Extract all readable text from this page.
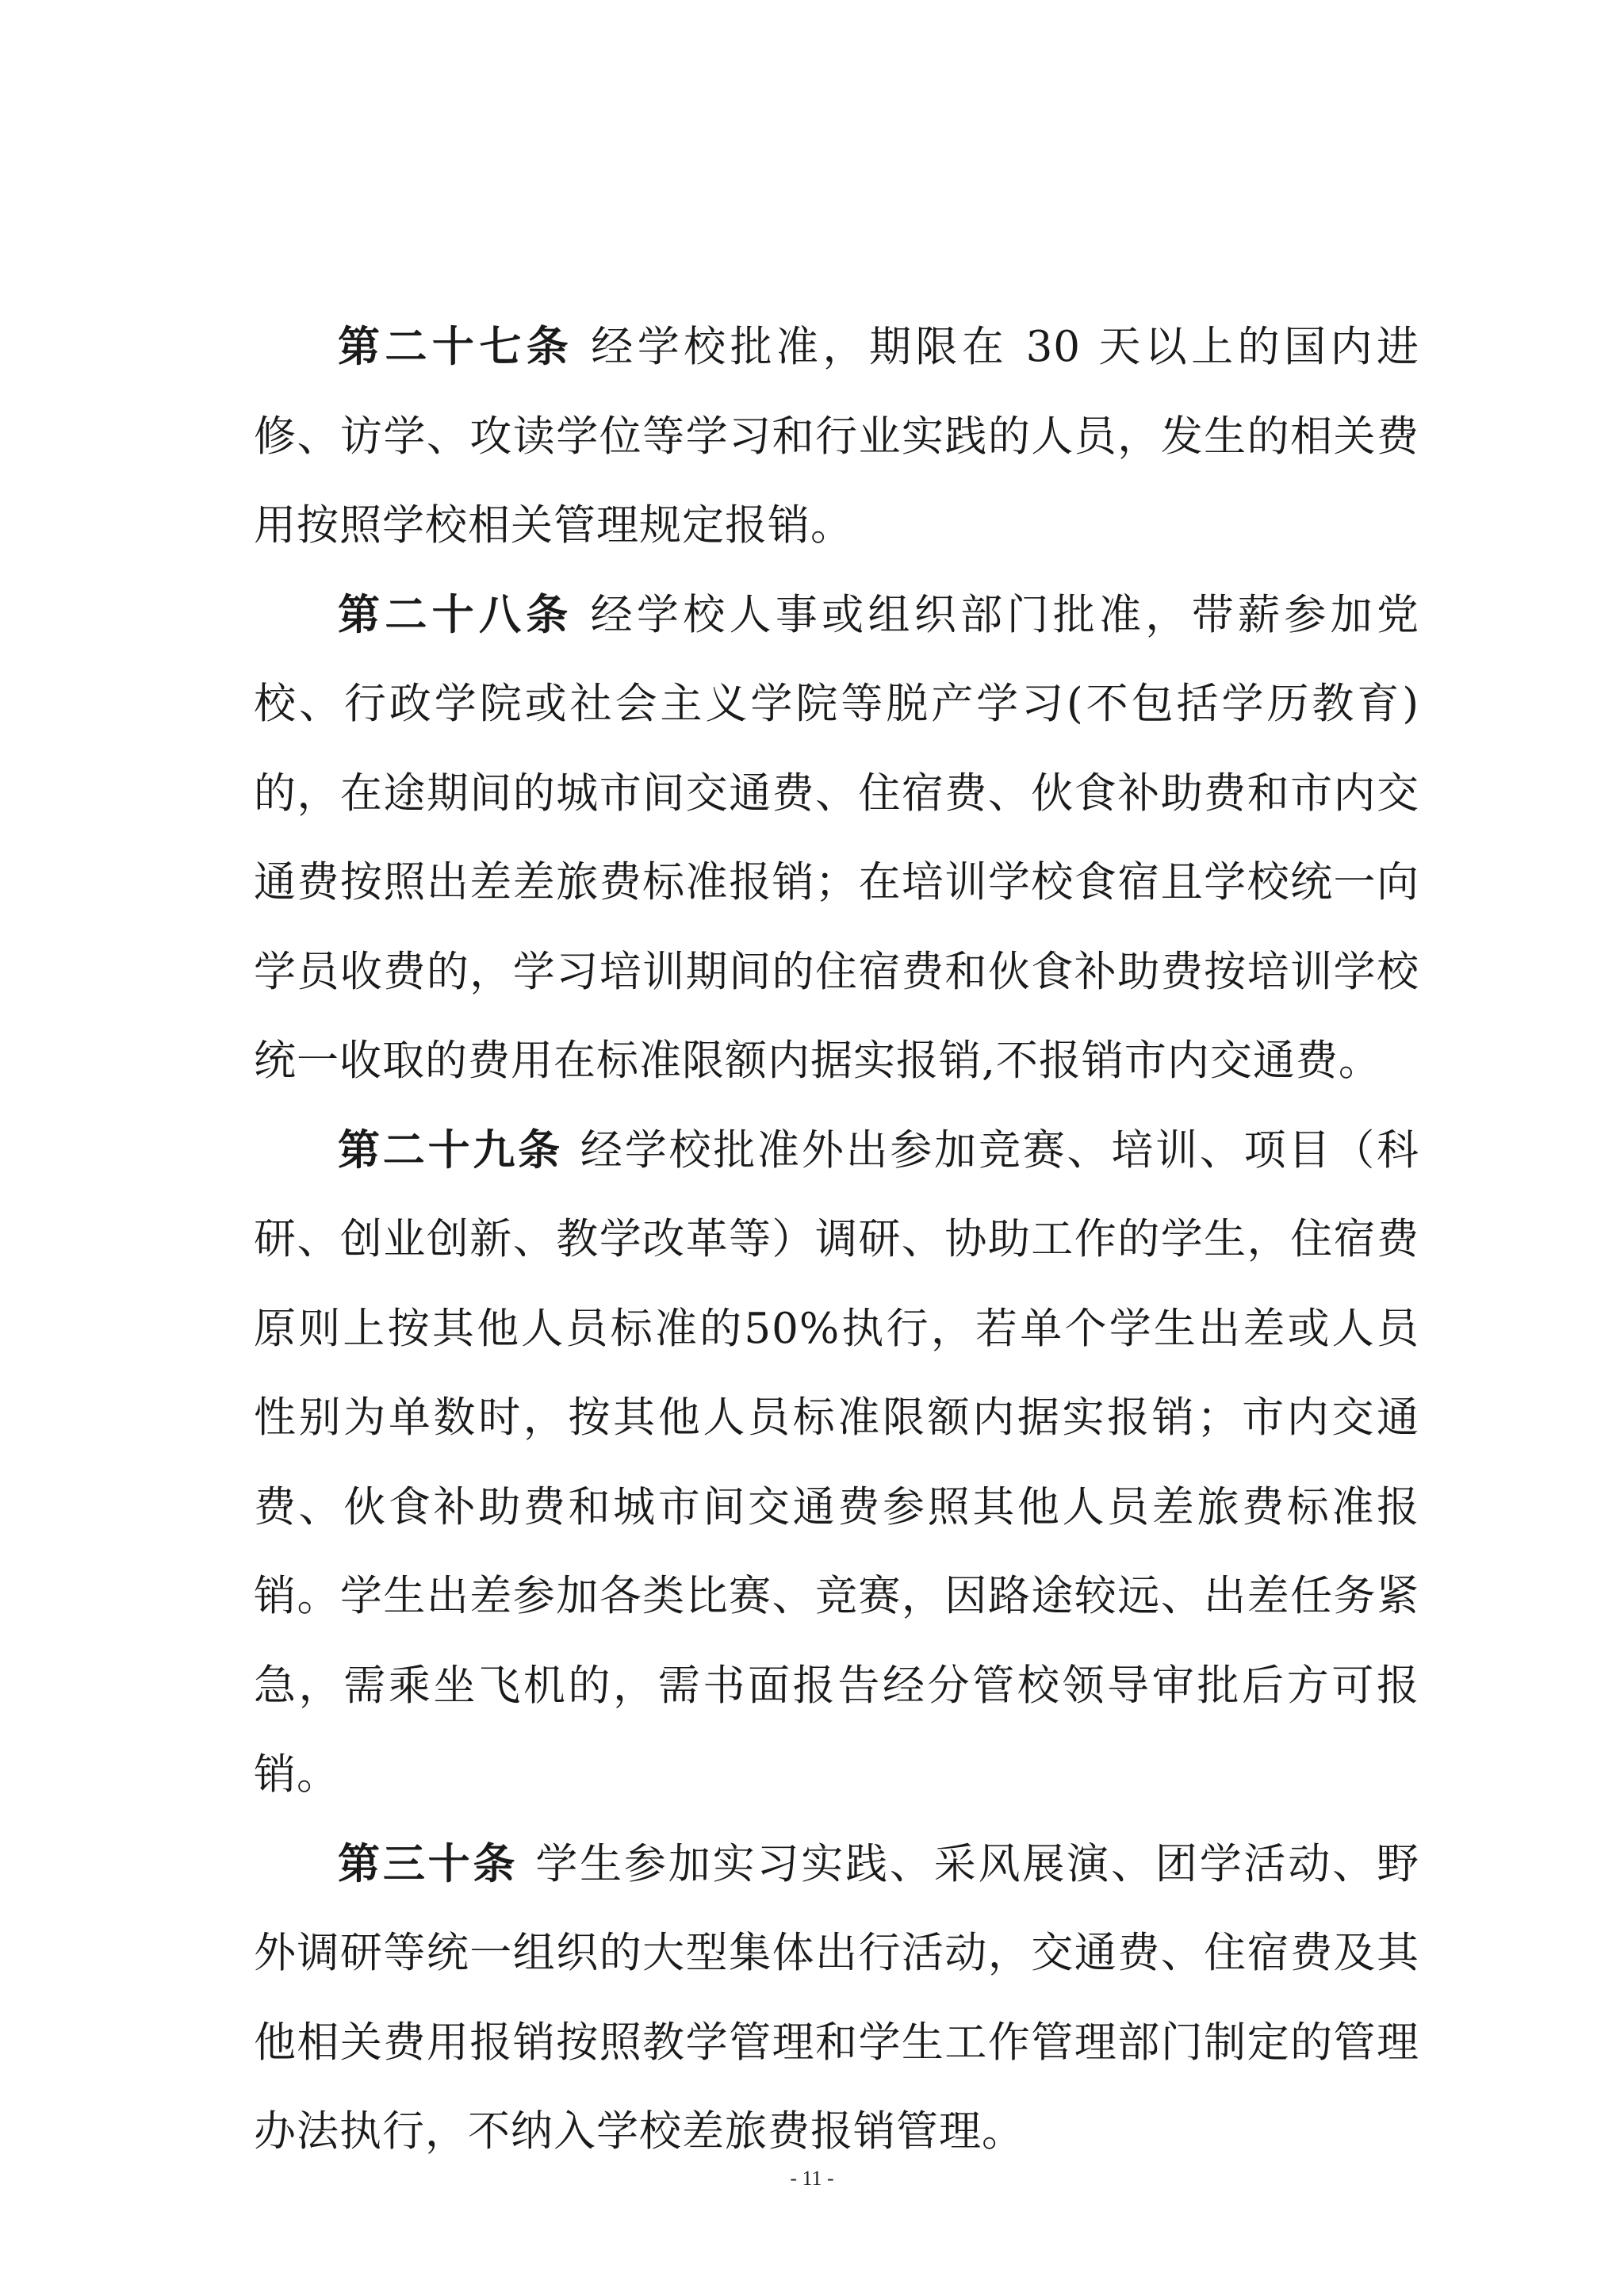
第二十七条 经学校批准，期限在 30 天以上的国内进修、访学、攻读学位等学习和行业实践的人员，发生的相关费用按照学校相关管理规定报销。

第二十八条 经学校人事或组织部门批准，带薪参加党校、行政学院或社会主义学院等脱产学习(不包括学历教育)的，在途期间的城市间交通费、住宿费、伙食补助费和市内交通费按照出差差旅费标准报销；在培训学校食宿且学校统一向学员收费的，学习培训期间的住宿费和伙食补助费按培训学校统一收取的费用在标准限额内据实报销,不报销市内交通费。

第二十九条 经学校批准外出参加竞赛、培训、项目（科研、创业创新、教学改革等）调研、协助工作的学生，住宿费原则上按其他人员标准的50%执行，若单个学生出差或人员性别为单数时，按其他人员标准限额内据实报销；市内交通费、伙食补助费和城市间交通费参照其他人员差旅费标准报销。学生出差参加各类比赛、竞赛，因路途较远、出差任务紧急，需乘坐飞机的，需书面报告经分管校领导审批后方可报销。

第三十条 学生参加实习实践、采风展演、团学活动、野外调研等统一组织的大型集体出行活动，交通费、住宿费及其他相关费用报销按照教学管理和学生工作管理部门制定的管理办法执行，不纳入学校差旅费报销管理。

- 11 -
